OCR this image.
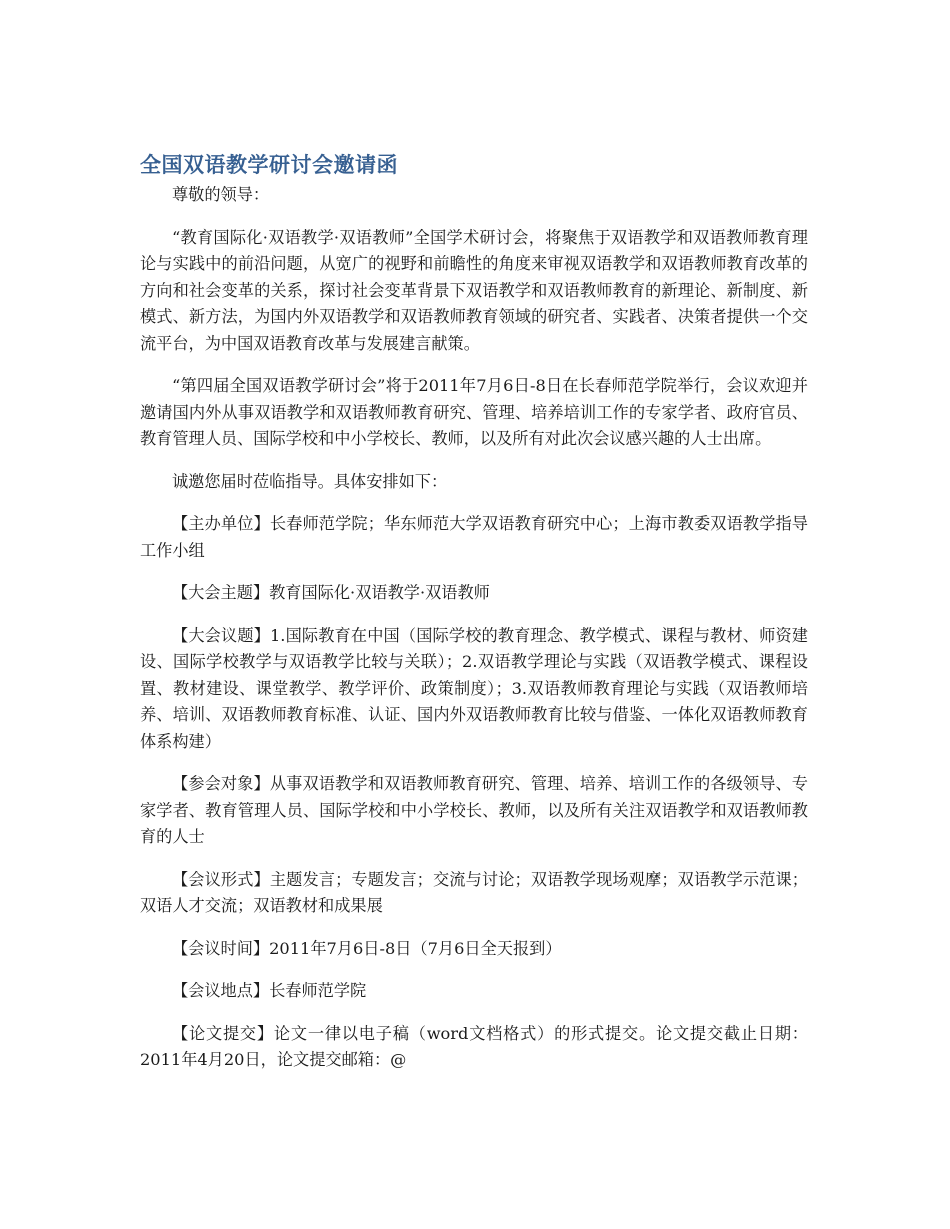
全国双语教学研讨会邀请函

尊敬的领导：

“教育国际化·双语教学·双语教师”全国学术研讨会，将聚焦于双语教学和双语教师教育理论与实践中的前沿问题，从宽广的视野和前瞻性的角度来审视双语教学和双语教师教育改革的方向和社会变革的关系，探讨社会变革背景下双语教学和双语教师教育的新理论、新制度、新模式、新方法，为国内外双语教学和双语教师教育领域的研究者、实践者、决策者提供一个交流平台，为中国双语教育改革与发展建言献策。

“第四届全国双语教学研讨会”将于2011年7月6日-8日在长春师范学院举行，会议欢迎并邀请国内外从事双语教学和双语教师教育研究、管理、培养培训工作的专家学者、政府官员、教育管理人员、国际学校和中小学校长、教师，以及所有对此次会议感兴趣的人士出席。

诚邀您届时莅临指导。具体安排如下：

【主办单位】长春师范学院；华东师范大学双语教育研究中心；上海市教委双语教学指导工作小组

【大会主题】教育国际化·双语教学·双语教师

【大会议题】1.国际教育在中国（国际学校的教育理念、教学模式、课程与教材、师资建设、国际学校教学与双语教学比较与关联）；2.双语教学理论与实践（双语教学模式、课程设置、教材建设、课堂教学、教学评价、政策制度）；3.双语教师教育理论与实践（双语教师培养、培训、双语教师教育标准、认证、国内外双语教师教育比较与借鉴、一体化双语教师教育体系构建）

【参会对象】从事双语教学和双语教师教育研究、管理、培养、培训工作的各级领导、专家学者、教育管理人员、国际学校和中小学校长、教师，以及所有关注双语教学和双语教师教育的人士

【会议形式】主题发言；专题发言；交流与讨论；双语教学现场观摩；双语教学示范课；双语人才交流；双语教材和成果展

【会议时间】2011年7月6日-8日（7月6日全天报到）

【会议地点】长春师范学院

【论文提交】论文一律以电子稿（word文档格式）的形式提交。论文提交截止日期：2011年4月20日，论文提交邮箱：@
